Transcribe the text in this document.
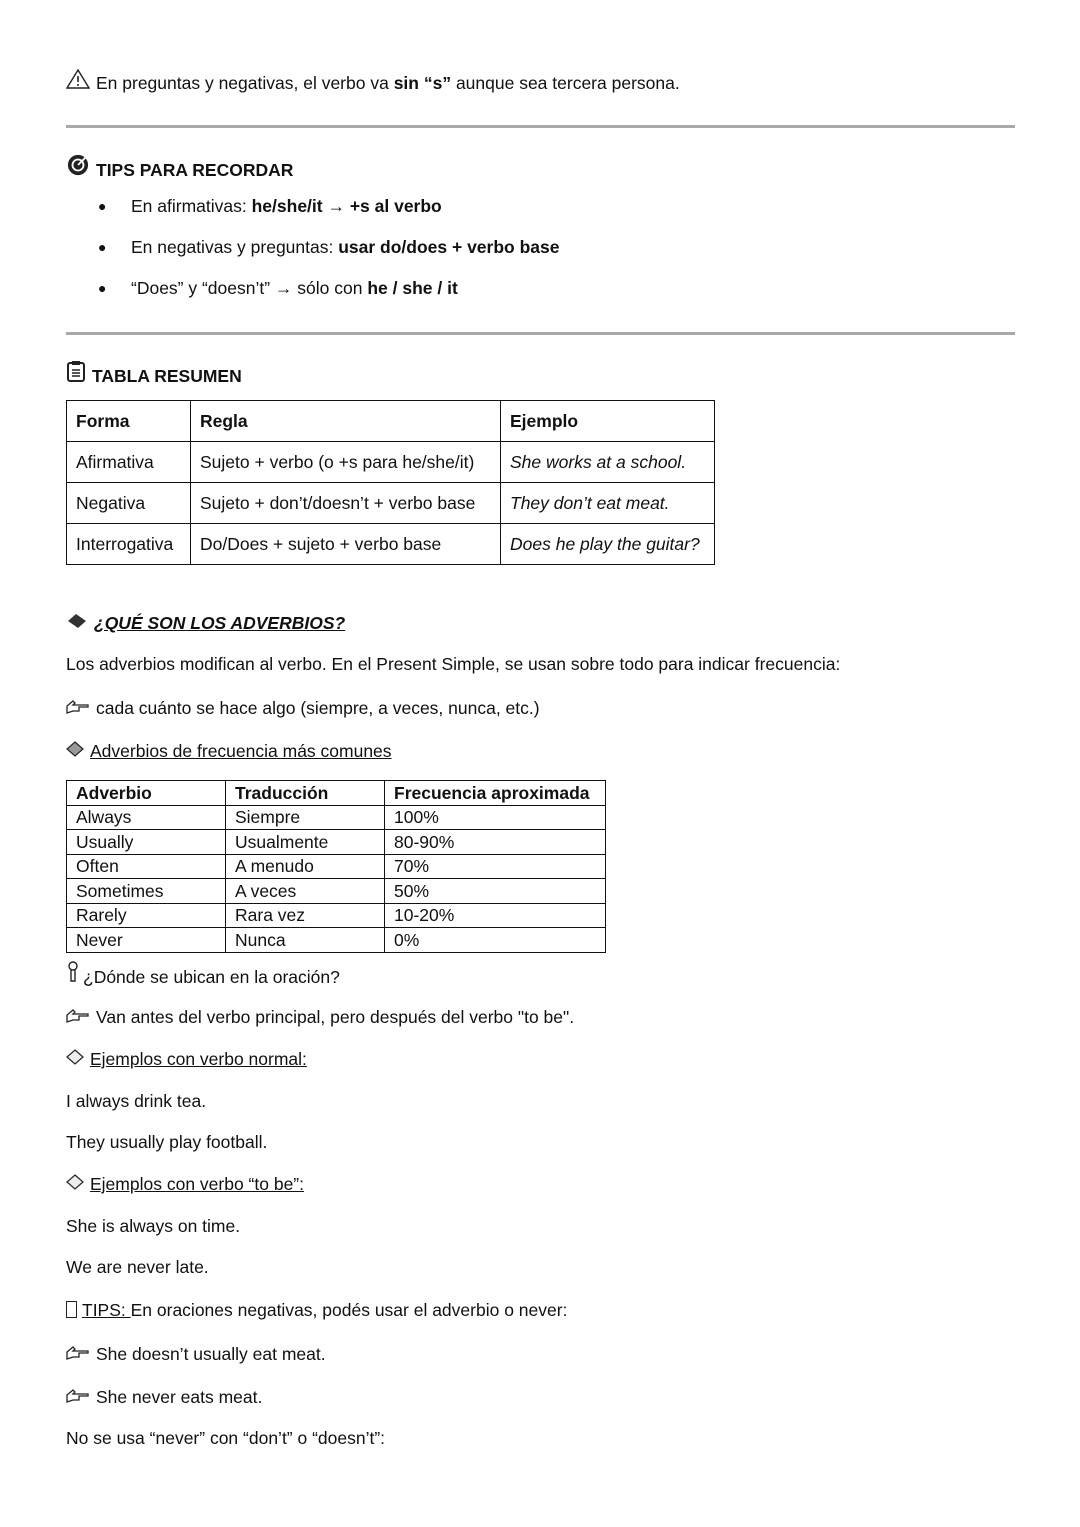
En preguntas y negativas, el verbo va sin “s” aunque sea tercera persona.
TIPS PARA RECORDAR
● En afirmativas: he/she/it → +s al verbo
● En negativas y preguntas: usar do/does + verbo base
● “Does” y “doesn’t” → sólo con he / she / it
TABLA RESUMEN
Forma	Regla	Ejemplo
Afirmativa	Sujeto + verbo (o +s para he/she/it)	She works at a school.
Negativa	Sujeto + don’t/doesn’t + verbo base	They don’t eat meat.
Interrogativa	Do/Does + sujeto + verbo base	Does he play the guitar?
¿QUÉ SON LOS ADVERBIOS?
Los adverbios modifican al verbo. En el Present Simple, se usan sobre todo para indicar frecuencia:
cada cuánto se hace algo (siempre, a veces, nunca, etc.)
Adverbios de frecuencia más comunes
Adverbio	Traducción	Frecuencia aproximada
Always	Siempre	100%
Usually	Usualmente	80-90%
Often	A menudo	70%
Sometimes	A veces	50%
Rarely	Rara vez	10-20%
Never	Nunca	0%
¿Dónde se ubican en la oración?
Van antes del verbo principal, pero después del verbo "to be".
Ejemplos con verbo normal:
I always drink tea.
They usually play football.
Ejemplos con verbo “to be”:
She is always on time.
We are never late.
TIPS: En oraciones negativas, podés usar el adverbio o never:
She doesn’t usually eat meat.
She never eats meat.
No se usa “never” con “don’t” o “doesn’t”:
